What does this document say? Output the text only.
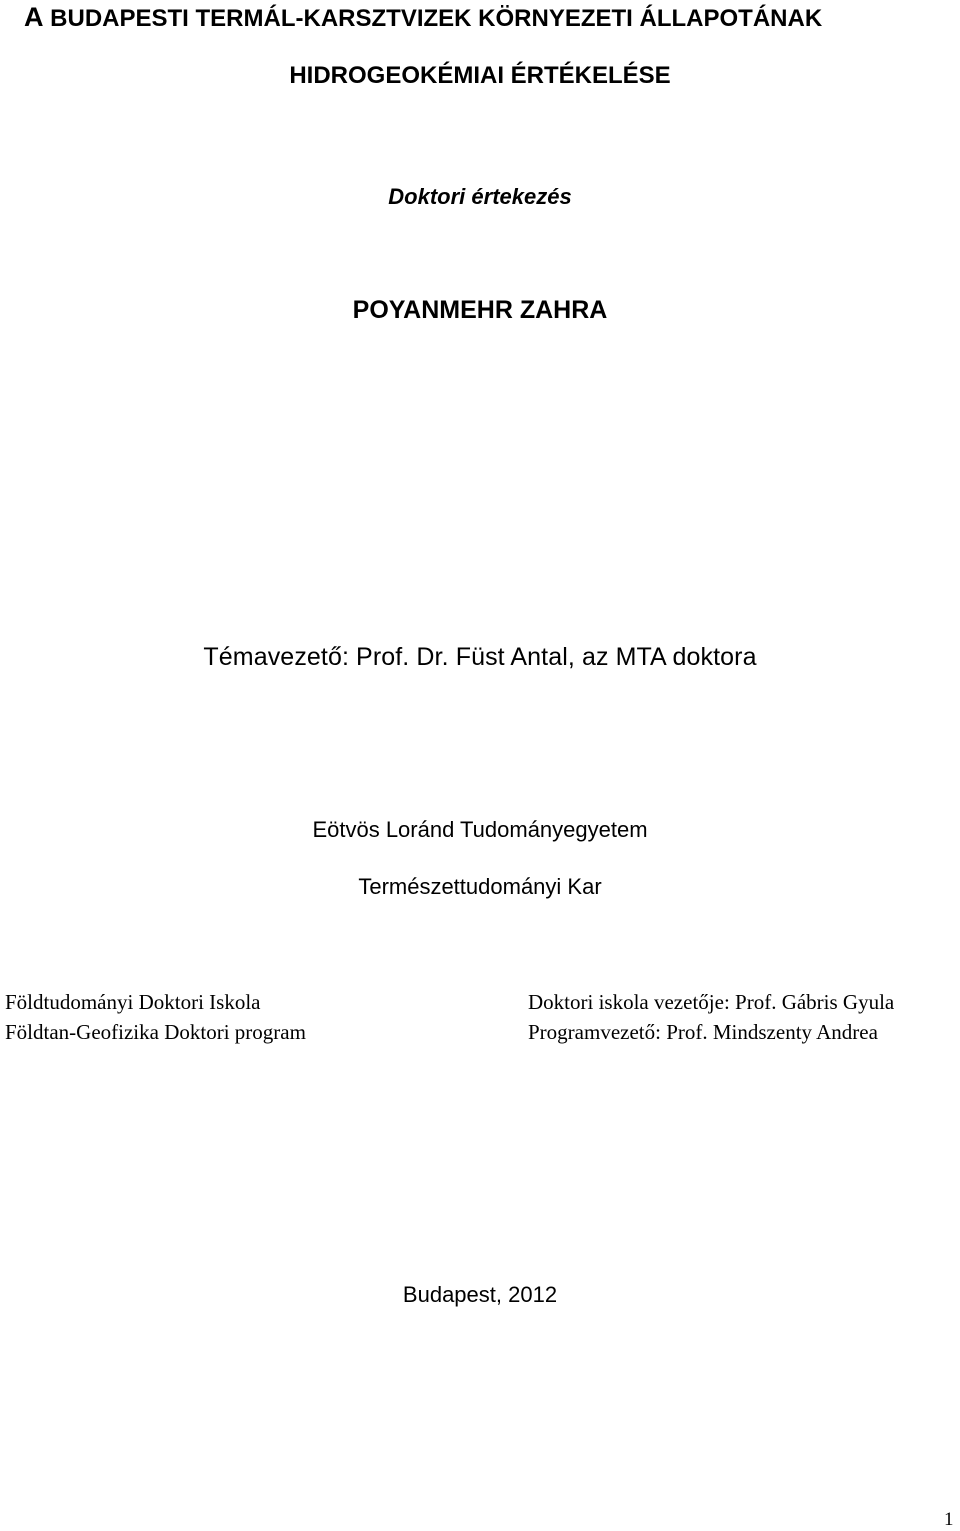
A BUDAPESTI TERMÁL-KARSZTVIZEK KÖRNYEZETI ÁLLAPOTÁNAK
HIDROGEOKÉMIAI ÉRTÉKELÉSE
Doktori értekezés
POYANMEHR ZAHRA
Témavezető: Prof. Dr. Füst Antal, az MTA doktora
Eötvös Loránd Tudományegyetem
Természettudományi Kar
Földtudományi Doktori Iskola
Földtan-Geofizika Doktori program
Doktori iskola vezetője: Prof. Gábris Gyula
Programvezető: Prof. Mindszenty Andrea
Budapest, 2012
1
